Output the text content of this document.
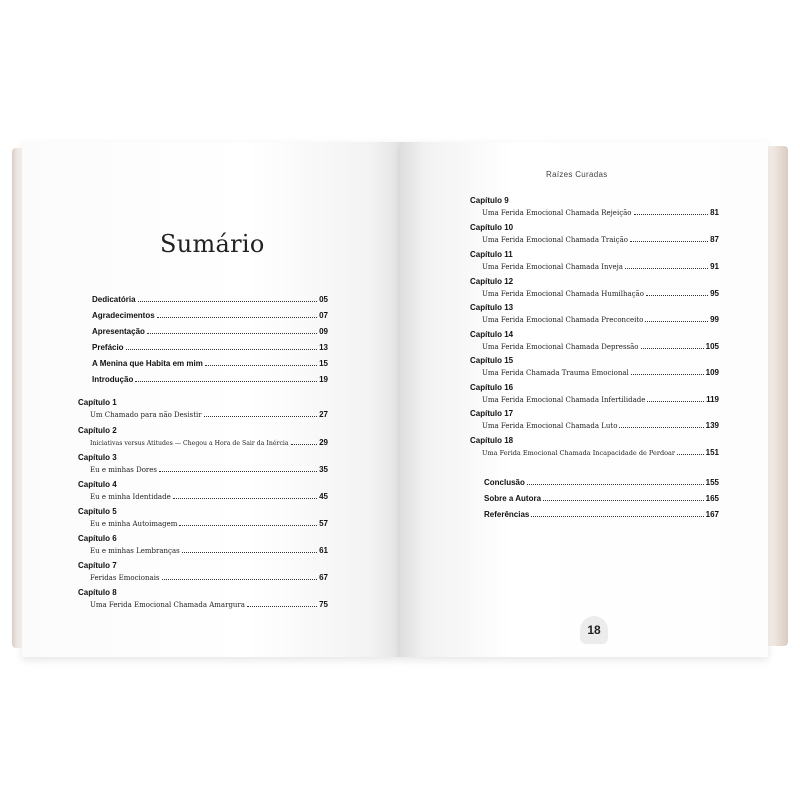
Sumário
Dedicatória	05
Agradecimentos	07
Apresentação	09
Prefácio	13
A Menina que Habita em mim	15
Introdução	19
Capítulo 1
Um Chamado para não Desistir	27
Capítulo 2
Iniciativas versus Atitudes — Chegou a Hora de Sair da Inércia	29
Capítulo 3
Eu e minhas Dores	35
Capítulo 4
Eu e minha Identidade	45
Capítulo 5
Eu e minha Autoimagem	57
Capítulo 6
Eu e minhas Lembranças	61
Capítulo 7
Feridas Emocionais	67
Capítulo 8
Uma Ferida Emocional Chamada Amargura	75
Raízes Curadas
Capítulo 9
Uma Ferida Emocional Chamada Rejeição	81
Capítulo 10
Uma Ferida Emocional Chamada Traição	87
Capítulo 11
Uma Ferida Emocional Chamada Inveja	91
Capítulo 12
Uma Ferida Emocional Chamada Humilhação	95
Capítulo 13
Uma Ferida Emocional Chamada Preconceito	99
Capítulo 14
Uma Ferida Emocional Chamada Depressão	105
Capítulo 15
Uma Ferida Chamada Trauma Emocional	109
Capítulo 16
Uma Ferida Emocional Chamada Infertilidade	119
Capítulo 17
Uma Ferida Emocional Chamada Luto	139
Capítulo 18
Uma Ferida Emocional Chamada Incapacidade de Perdoar	151
Conclusão	155
Sobre a Autora	165
Referências	167
18
